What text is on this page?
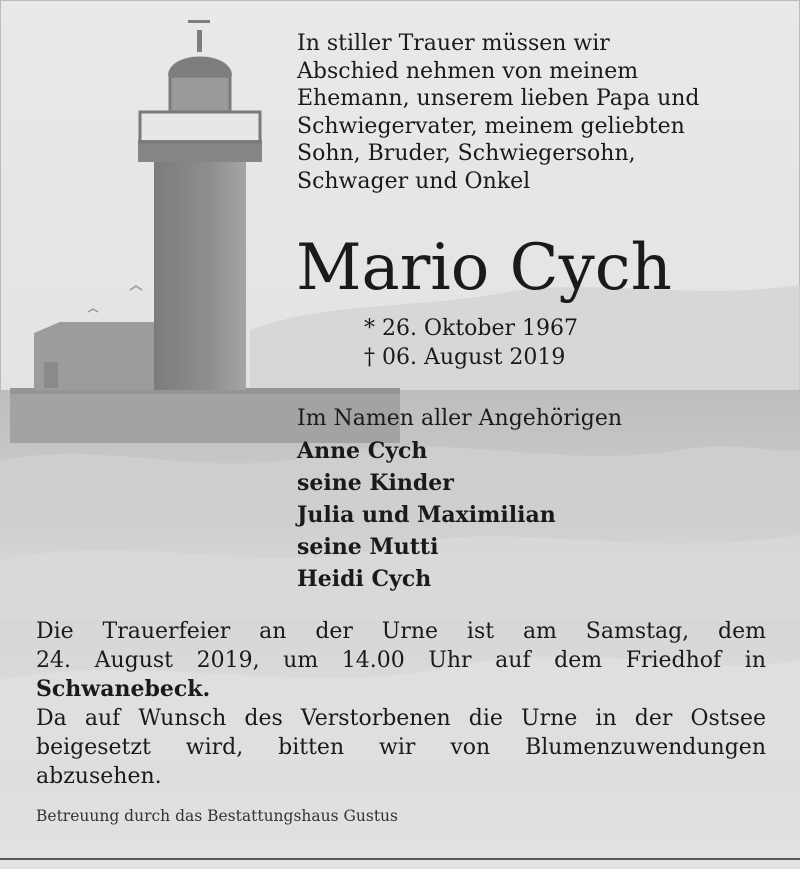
In stiller Trauer müssen wir
Abschied nehmen von meinem
Ehemann, unserem lieben Papa und
Schwiegervater, meinem geliebten
Sohn, Bruder, Schwiegersohn,
Schwager und Onkel
Mario Cych
* 26. Oktober 1967
† 06. August 2019
Im Namen aller Angehörigen
Anne Cych
seine Kinder
Julia und Maximilian
seine Mutti
Heidi Cych
Die Trauerfeier an der Urne ist am Samstag, dem
24. August 2019, um 14.00 Uhr auf dem Friedhof in
Schwanebeck.
Da auf Wunsch des Verstorbenen die Urne in der Ostsee
beigesetzt wird, bitten wir von Blumenzuwendungen
abzusehen.
Betreuung durch das Bestattungshaus Gustus
